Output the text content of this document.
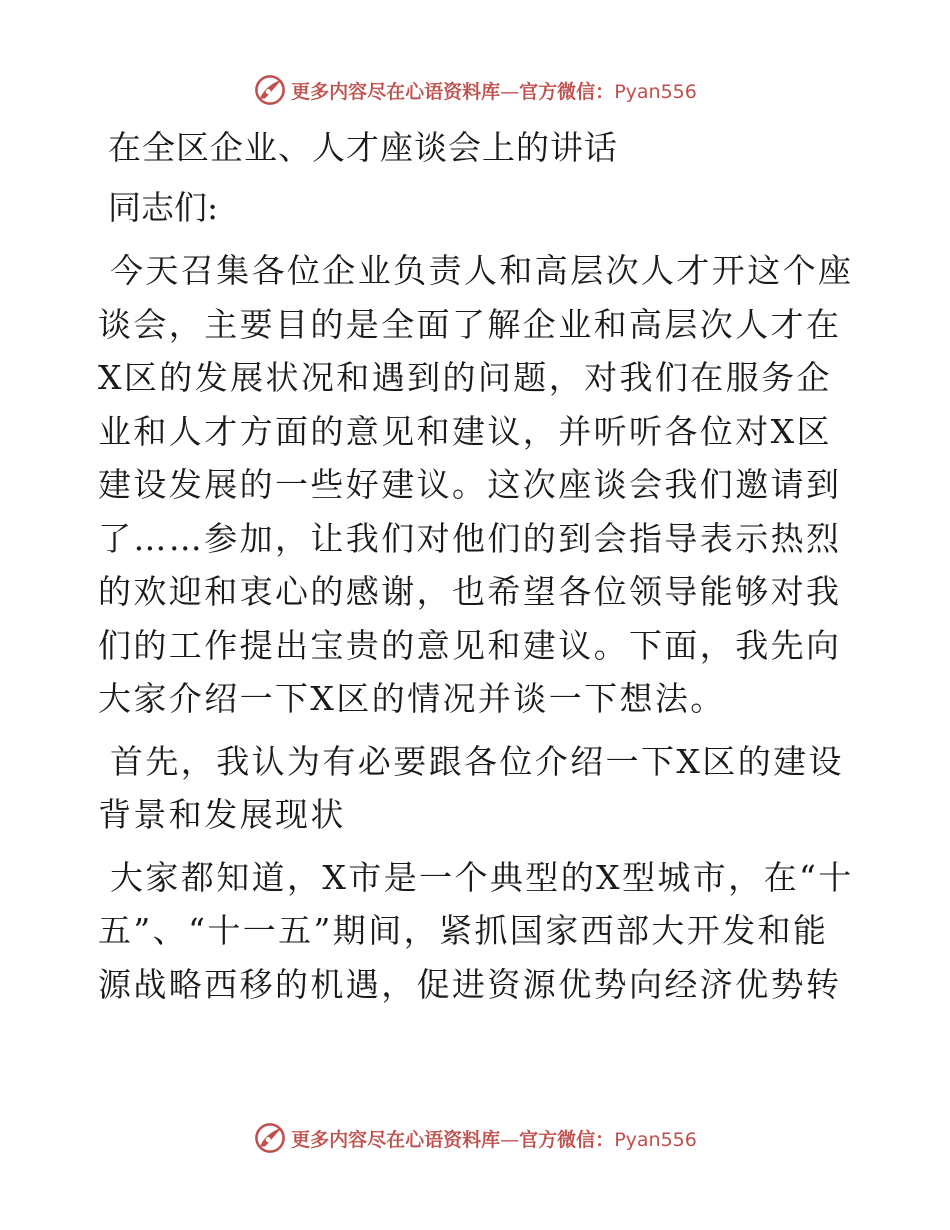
更多内容尽在心语资料库—官方微信：Pyan556
在全区企业、人才座谈会上的讲话
同志们:

今天召集各位企业负责人和高层次人才开这个座谈会，主要目的是全面了解企业和高层次人才在X区的发展状况和遇到的问题，对我们在服务企业和人才方面的意见和建议，并听听各位对X区建设发展的一些好建议。这次座谈会我们邀请到了……参加，让我们对他们的到会指导表示热烈的欢迎和衷心的感谢，也希望各位领导能够对我们的工作提出宝贵的意见和建议。下面，我先向大家介绍一下X区的情况并谈一下想法。

首先，我认为有必要跟各位介绍一下X区的建设背景和发展现状

大家都知道，X市是一个典型的X型城市，在“十五”、“十一五”期间，紧抓国家西部大开发和能源战略西移的机遇，促进资源优势向经济优势转

更多内容尽在心语资料库—官方微信：Pyan556
